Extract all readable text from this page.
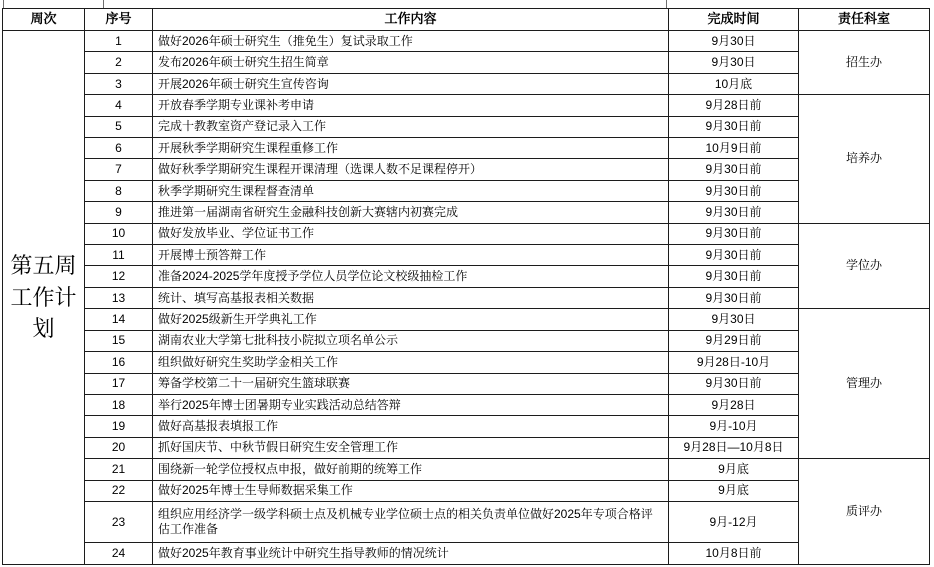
周次	序号	工作内容	完成时间	责任科室
第五周工作计划	1	做好2026年硕士研究生（推免生）复试录取工作	9月30日	招生办
	2	发布2026年硕士研究生招生简章	9月30日	
	3	开展2026年硕士研究生宣传咨询	10月底	
	4	开放春季学期专业课补考申请	9月28日前	培养办
	5	完成十教教室资产登记录入工作	9月30日前	
	6	开展秋季学期研究生课程重修工作	10月9日前	
	7	做好秋季学期研究生课程开课清理（选课人数不足课程停开）	9月30日前	
	8	秋季学期研究生课程督查清单	9月30日前	
	9	推进第一届湖南省研究生金融科技创新大赛辖内初赛完成	9月30日前	
	10	做好发放毕业、学位证书工作	9月30日前	学位办
	11	开展博士预答辩工作	9月30日前	
	12	准备2024-2025学年度授予学位人员学位论文校级抽检工作	9月30日前	
	13	统计、填写高基报表相关数据	9月30日前	
	14	做好2025级新生开学典礼工作	9月30日	管理办
	15	湖南农业大学第七批科技小院拟立项名单公示	9月29日前	
	16	组织做好研究生奖助学金相关工作	9月28日-10月	
	17	筹备学校第二十一届研究生篮球联赛	9月30日前	
	18	举行2025年博士团暑期专业实践活动总结答辩	9月28日	
	19	做好高基报表填报工作	9月-10月	
	20	抓好国庆节、中秋节假日研究生安全管理工作	9月28日—10月8日	
	21	围绕新一轮学位授权点申报，做好前期的统筹工作	9月底	质评办
	22	做好2025年博士生导师数据采集工作	9月底	
	23	组织应用经济学一级学科硕士点及机械专业学位硕士点的相关负责单位做好2025年专项合格评估工作准备	9月-12月	
	24	做好2025年教育事业统计中研究生指导教师的情况统计	10月8日前	
